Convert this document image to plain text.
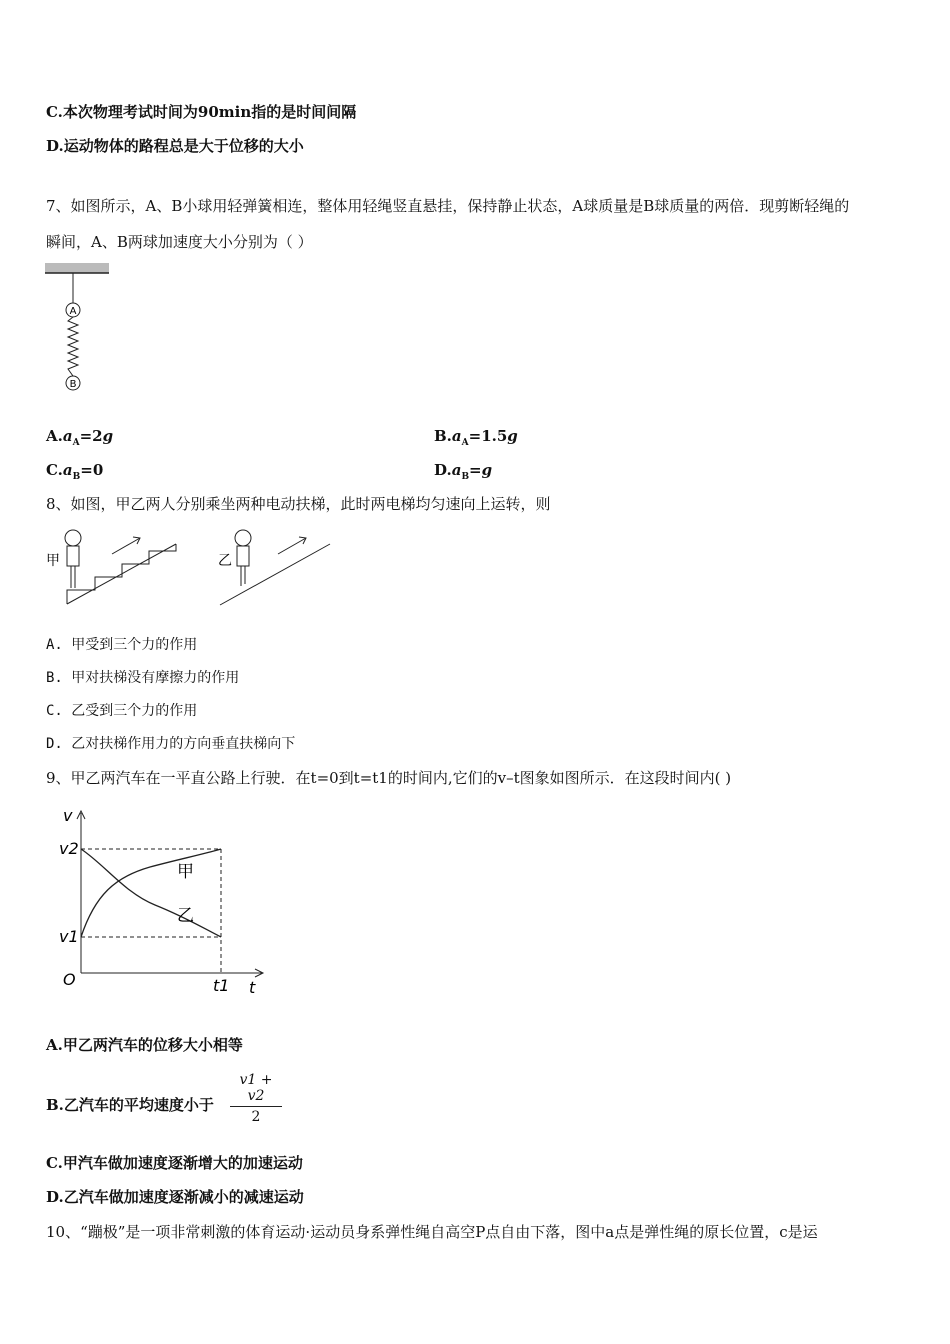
C.本次物理考试时间为90min指的是时间间隔
D.运动物体的路程总是大于位移的大小
7、如图所示，A、B小球用轻弹簧相连，整体用轻绳竖直悬挂，保持静止状态，A球质量是B球质量的两倍．现剪断轻绳的
瞬间，A、B两球加速度大小分别为（ ）
A
B
$A.a_A=2g$	$B.a_A=1.5g$
$C.a_B=0$	$D.a_B=g$
8、如图，甲乙两人分别乘坐两种电动扶梯，此时两电梯均匀速向上运转，则
甲	乙
A. 甲受到三个力的作用
B. 甲对扶梯没有摩擦力的作用
C. 乙受到三个力的作用
D. 乙对扶梯作用力的方向垂直扶梯向下
9、甲乙两汽车在一平直公路上行驶．在t=0到t=t1的时间内,它们的v–t图象如图所示．在这段时间内( )
v
O	t
v2
v1
t1
甲
乙
A.甲乙两汽车的位移大小相等
B.乙汽车的平均速度小于 $\frac{v1 + v2}{2}$
C.甲汽车做加速度逐渐增大的加速运动
D.乙汽车做加速度逐渐减小的减速运动
10、“蹦极”是一项非常刺激的体育运动·运动员身系弹性绳自高空P点自由下落，图中a点是弹性绳的原长位置，c是运
